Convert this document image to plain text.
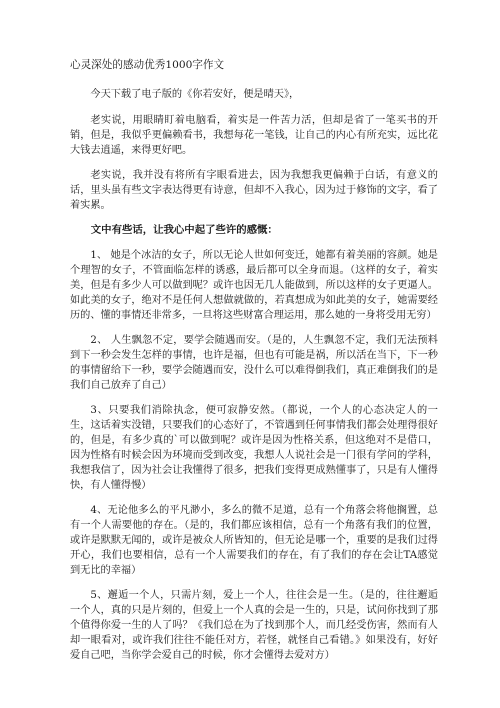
心灵深处的感动优秀1000字作文

今天下载了电子版的《你若安好，便是晴天》，

老实说，用眼睛盯着电脑看，着实是一件苦力活，但却是省了一笔买书的开销，但是，我似乎更偏赖看书，我想每花一笔钱，让自己的内心有所充实，远比花大钱去逍遥，来得更好吧。

老实说，我并没有将所有字眼看进去，因为我想我更偏赖于白话，有意义的话，里头虽有些文字表达得更有诗意，但却不入我心，因为过于修饰的文字，看了着实累。

文中有些话，让我心中起了些许的感慨：

1、 她是个冰洁的女子，所以无论人世如何变迁，她都有着美丽的容颜。她是个理智的女子，不管面临怎样的诱惑，最后都可以全身而退。（这样的女子，着实美，但是有多少人可以做到呢？或许也因无几人能做到，所以这样的女子更逼人。如此美的女子，绝对不是任何人想做就做的，若真想成为如此美的女子，她需要经历的、懂的事情还非常多，一旦将这些财富合理运用，那么她的一身将受用无穷）

2、 人生飘忽不定，要学会随遇而安。（是的，人生飘忽不定，我们无法预料到下一秒会发生怎样的事情，也许是福，但也有可能是祸，所以活在当下，下一秒的事情留给下一秒，要学会随遇而安，没什么可以难得倒我们，真正难倒我们的是我们自己放弃了自己）

3、只要我们消除执念，便可寂静安然。（都说，一个人的心态决定人的一生，这话着实没错，只要我们的心态好了，不管遇到任何事情我们都会处理得很好的，但是，有多少真的`可以做到呢？或许是因为性格关系，但这绝对不是借口，因为性格有时候会因为环境而受到改变，我想人人说社会是一门很有学问的学科，我想我信了，因为社会让我懂得了很多，把我们变得更成熟懂事了，只是有人懂得快，有人懂得慢）

4、无论他多么的平凡渺小，多么的微不足道，总有一个角落会将他搁置，总有一个人需要他的存在。（是的，我们都应该相信，总有一个角落有我们的位置，或许是默默无闻的，或许是被众人所皆知的，但无论是哪一个，重要的是我们过得开心，我们也要相信，总有一个人需要我们的存在，有了我们的存在会让TA感觉到无比的幸福）

5、邂逅一个人，只需片刻，爱上一个人，往往会是一生。（是的，往往邂逅一个人，真的只是片刻的，但爱上一个人真的会是一生的，只是，试问你找到了那个值得你爱一生的人了吗？《我们总在为了找到那个人，而几经受伤害，然而有人却一眼看对，或许我们往往不能任对方，若怪，就怪自己看错。》如果没有，好好爱自己吧，当你学会爱自己的时候，你才会懂得去爱对方）
